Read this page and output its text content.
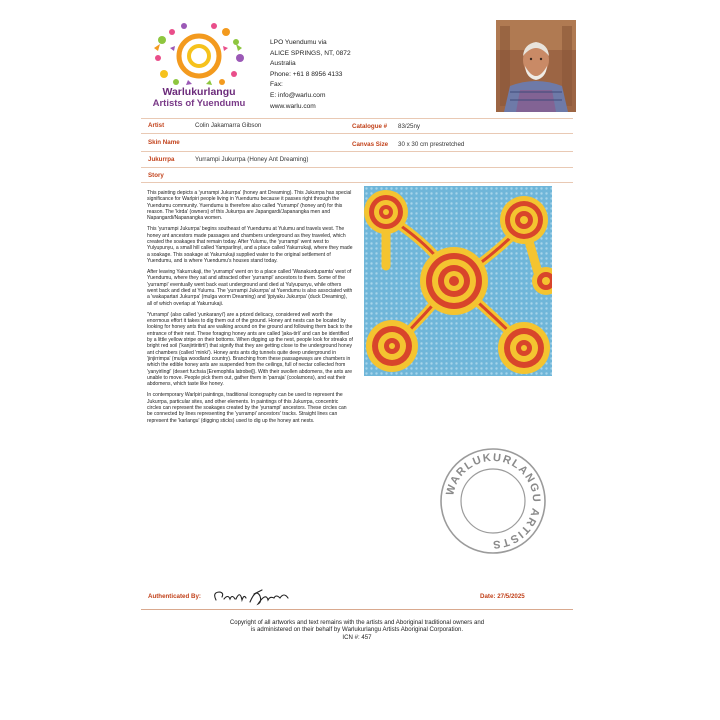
Warlukurlangu
Artists of Yuendumu
LPO Yuendumu via
ALICE SPRINGS, NT, 0872
Australia
Phone: +61 8 8956 4133
Fax:
E: info@warlu.com
www.warlu.com
Artist	Colin Jakamarra Gibson	Catalogue # 83/25ny
Skin Name	Canvas Size 30 x 30 cm prestretched
Jukurrpa	Yurrampi Jukurrpa (Honey Ant Dreaming)
Story

This painting depicts a 'yurrampi Jukurrpa' (honey ant Dreaming). This Jukurrpa has special significance for Warlpiri people living in Yuendumu because it passes right through the Yuendumu community. Yuendumu is therefore also called 'Yurrampi' (honey ant) for this reason. The 'kirda' (owners) of this Jukurrpa are Japangardi/Japanangka men and Napangardi/Napanangka women.

This 'yurrampi Jukurrpa' begins southeast of Yuendumu at Yulumu and travels west. The honey ant ancestors made passages and chambers underground as they traveled, which created the soakages that remain today. After Yulumu, the 'yurrampi' went west to Yulyupunyu, a small hill called Yamparlinyi, and a place called Yakurrukaji, where they made a soakage. This soakage at Yakurrukaji supplied water to the original settlement of Yuendumu, and is where Yuendumu's houses stand today.

After leaving Yakurrukaji, the 'yurrampi' went on to a place called 'Wanakurdupamta' west of Yuendumu, where they sat and attracted other 'yurrampi' ancestors to them. Some of the 'yurrampi' eventually went back east underground and died at Yulyupunyu, while others went back and died at Yulumu. The 'yurrampi Jukurrpa' at Yuendumu is also associated with a 'wakapartari Jukurrpa' (mulga worm Dreaming) and 'jipiyaku Jukurrpa' (duck Dreaming), all of which overlap at Yakurrukaji.

'Yurrampi' (also called 'yunkaranyi') are a prized delicacy, considered well worth the enormous effort it takes to dig them out of the ground. Honey ant nests can be located by looking for honey ants that are walking around on the ground and following them back to the entrance of their nest. These foraging honey ants are called 'jaka-tirli' and can be identified by a little yellow stripe on their bottoms. When digging up the nest, people look for streaks of bright red soil ('kanjirtiritirti') that signify that they are getting close to the underground honey ant chambers (called 'minki'). Honey ants ants dig tunnels quite deep underground in 'jinjirrimpa' (mulga woodland country). Branching from these passageways are chambers in which the edible honey ants are suspended from the ceilings, full of nectar collected from 'yanyirlingi' (desert fuchsia [Eremophila latrobei]). With their swollen abdomens, the ants are unable to move. People pick them out, gather them in 'parraja' (coolamons), and eat their abdomens, which taste like honey.

In contemporary Warlpiri paintings, traditional iconography can be used to represent the Jukurrpa, particular sites, and other elements. In paintings of this Jukurrpa, concentric circles can represent the soakages created by the 'yurrampi' ancestors. These circles can be connected by lines representing the 'yurrampi' ancestors' tracks. Straight lines can represent the 'karlangu' (digging sticks) used to dig up the honey ant nests.

WARLUKURLANGU ARTISTS
Authenticated By:	Date: 27/5/2025
Copyright of all artworks and text remains with the artists and Aboriginal traditional owners and
is administered on their behalf by Warlukurlangu Artists Aboriginal Corporation.
ICN #: 457
